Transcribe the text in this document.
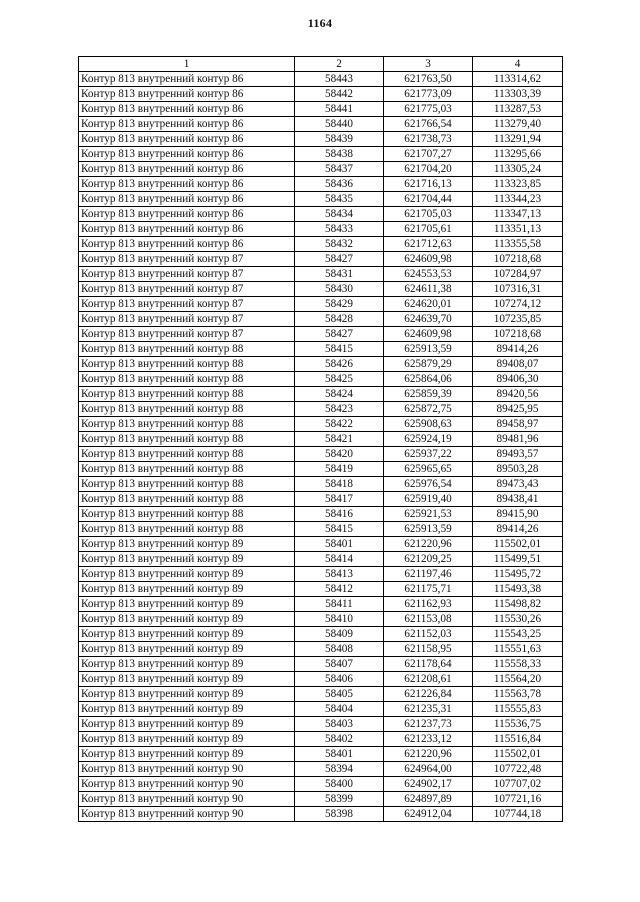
1164
1	2	3	4
Контур 813 внутренний контур 86	58443	621763,50	113314,62
Контур 813 внутренний контур 86	58442	621773,09	113303,39
Контур 813 внутренний контур 86	58441	621775,03	113287,53
Контур 813 внутренний контур 86	58440	621766,54	113279,40
Контур 813 внутренний контур 86	58439	621738,73	113291,94
Контур 813 внутренний контур 86	58438	621707,27	113295,66
Контур 813 внутренний контур 86	58437	621704,20	113305,24
Контур 813 внутренний контур 86	58436	621716,13	113323,85
Контур 813 внутренний контур 86	58435	621704,44	113344,23
Контур 813 внутренний контур 86	58434	621705,03	113347,13
Контур 813 внутренний контур 86	58433	621705,61	113351,13
Контур 813 внутренний контур 86	58432	621712,63	113355,58
Контур 813 внутренний контур 87	58427	624609,98	107218,68
Контур 813 внутренний контур 87	58431	624553,53	107284,97
Контур 813 внутренний контур 87	58430	624611,38	107316,31
Контур 813 внутренний контур 87	58429	624620,01	107274,12
Контур 813 внутренний контур 87	58428	624639,70	107235,85
Контур 813 внутренний контур 87	58427	624609,98	107218,68
Контур 813 внутренний контур 88	58415	625913,59	89414,26
Контур 813 внутренний контур 88	58426	625879,29	89408,07
Контур 813 внутренний контур 88	58425	625864,06	89406,30
Контур 813 внутренний контур 88	58424	625859,39	89420,56
Контур 813 внутренний контур 88	58423	625872,75	89425,95
Контур 813 внутренний контур 88	58422	625908,63	89458,97
Контур 813 внутренний контур 88	58421	625924,19	89481,96
Контур 813 внутренний контур 88	58420	625937,22	89493,57
Контур 813 внутренний контур 88	58419	625965,65	89503,28
Контур 813 внутренний контур 88	58418	625976,54	89473,43
Контур 813 внутренний контур 88	58417	625919,40	89438,41
Контур 813 внутренний контур 88	58416	625921,53	89415,90
Контур 813 внутренний контур 88	58415	625913,59	89414,26
Контур 813 внутренний контур 89	58401	621220,96	115502,01
Контур 813 внутренний контур 89	58414	621209,25	115499,51
Контур 813 внутренний контур 89	58413	621197,46	115495,72
Контур 813 внутренний контур 89	58412	621175,71	115493,38
Контур 813 внутренний контур 89	58411	621162,93	115498,82
Контур 813 внутренний контур 89	58410	621153,08	115530,26
Контур 813 внутренний контур 89	58409	621152,03	115543,25
Контур 813 внутренний контур 89	58408	621158,95	115551,63
Контур 813 внутренний контур 89	58407	621178,64	115558,33
Контур 813 внутренний контур 89	58406	621208,61	115564,20
Контур 813 внутренний контур 89	58405	621226,84	115563,78
Контур 813 внутренний контур 89	58404	621235,31	115555,83
Контур 813 внутренний контур 89	58403	621237,73	115536,75
Контур 813 внутренний контур 89	58402	621233,12	115516,84
Контур 813 внутренний контур 89	58401	621220,96	115502,01
Контур 813 внутренний контур 90	58394	624964,00	107722,48
Контур 813 внутренний контур 90	58400	624902,17	107707,02
Контур 813 внутренний контур 90	58399	624897,89	107721,16
Контур 813 внутренний контур 90	58398	624912,04	107744,18
